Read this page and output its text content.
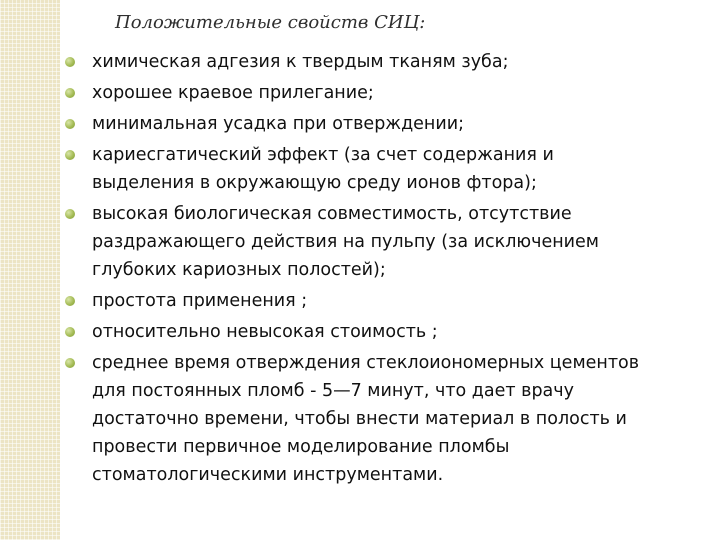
Положительные свойств СИЦ:
химическая адгезия к твердым тканям зуба;
хорошее краевое прилегание;
минимальная усадка при отверждении;
кариесгатический эффект (за счет содержания и
выделения в окружающую среду ионов фтора);
высокая биологическая совместимость, отсутствие
раздражающего действия на пульпу (за исключением
глубоких кариозных полостей);
простота применения ;
относительно невысокая стоимость ;
среднее время отверждения стеклоиономерных цементов
для постоянных пломб - 5—7 минут, что дает врачу
достаточно времени, чтобы внести материал в полость и
провести первичное моделирование пломбы
стоматологическими инструментами.
